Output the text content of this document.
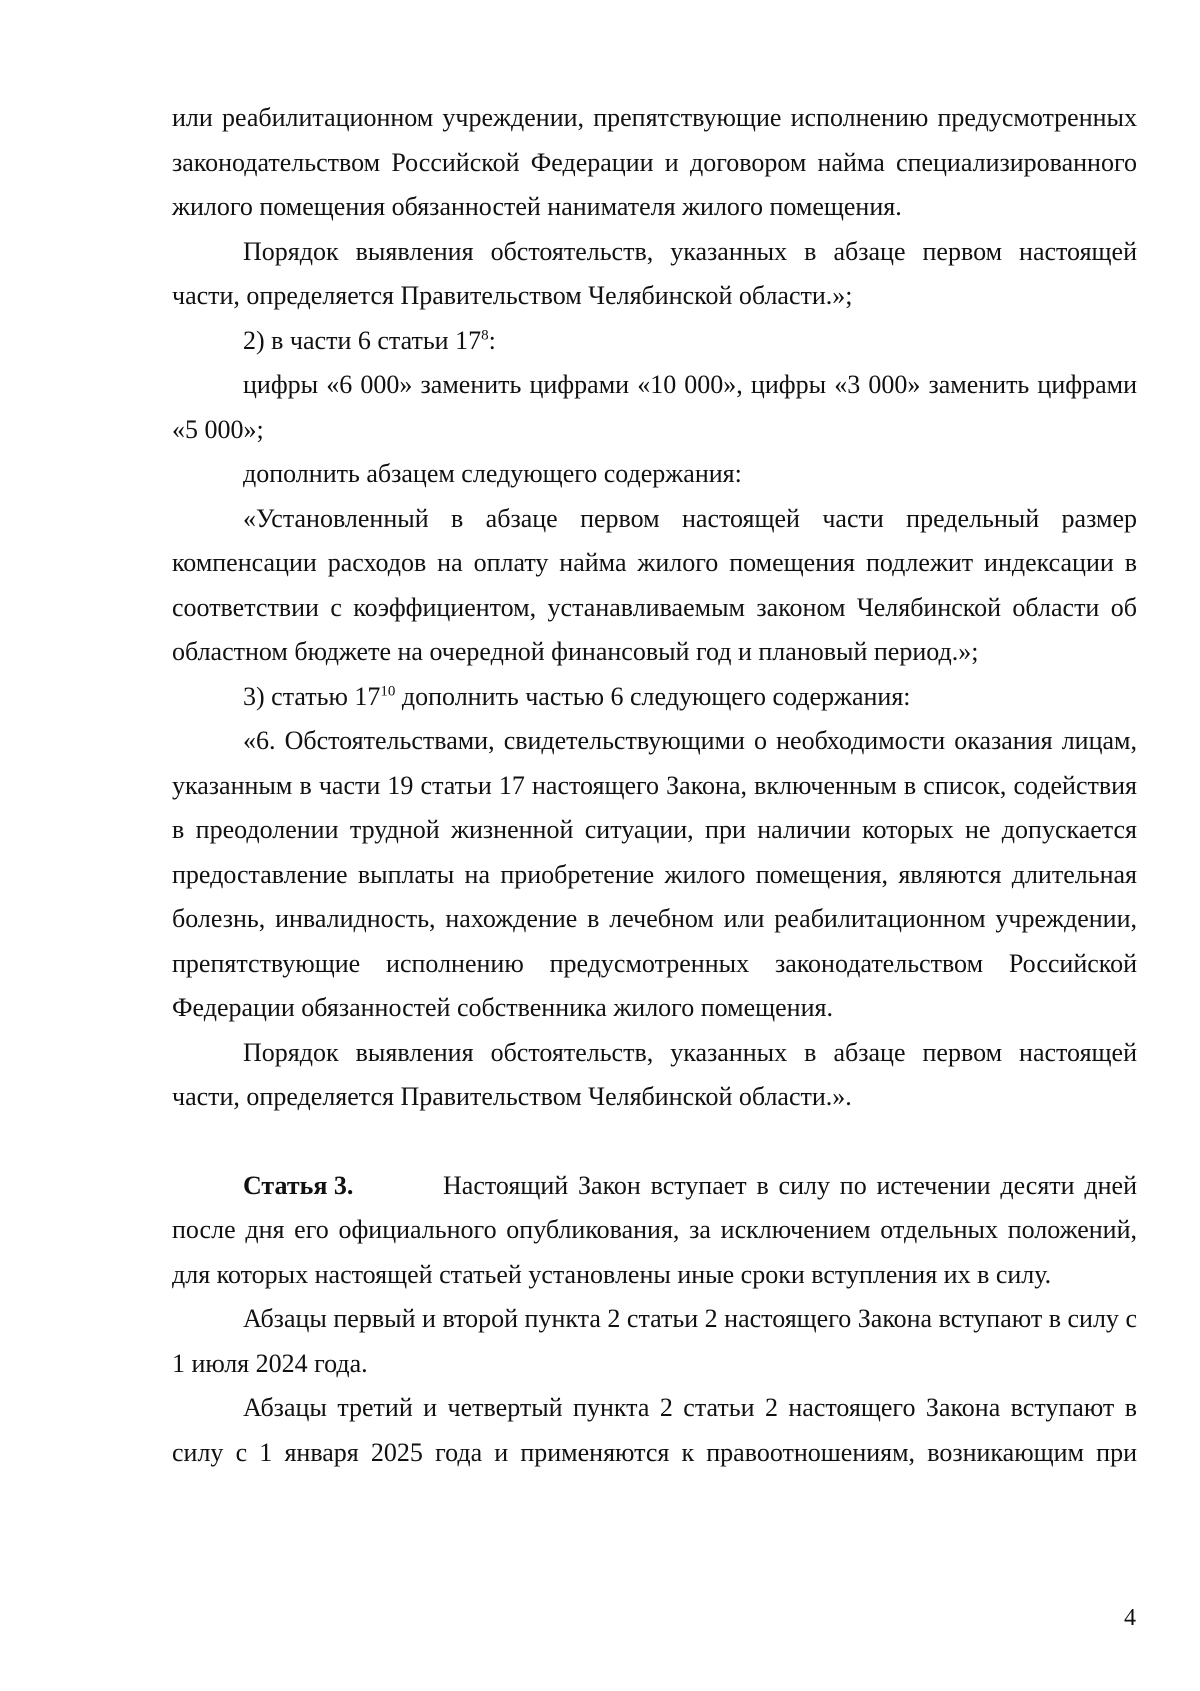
или реабилитационном учреждении, препятствующие исполнению предусмотренных законодательством Российской Федерации и договором найма специализированного жилого помещения обязанностей нанимателя жилого помещения.

Порядок выявления обстоятельств, указанных в абзаце первом настоящей части, определяется Правительством Челябинской области.»;

2) в части 6 статьи $17^8$:

цифры «6 000» заменить цифрами «10 000», цифры «3 000» заменить цифрами «5 000»;

дополнить абзацем следующего содержания:

«Установленный в абзаце первом настоящей части предельный размер компенсации расходов на оплату найма жилого помещения подлежит индексации в соответствии с коэффициентом, устанавливаемым законом Челябинской области об областном бюджете на очередной финансовый год и плановый период.»;

3) статью $17^{10}$ дополнить частью 6 следующего содержания:

«6. Обстоятельствами, свидетельствующими о необходимости оказания лицам, указанным в части 19 статьи 17 настоящего Закона, включенным в список, содействия в преодолении трудной жизненной ситуации, при наличии которых не допускается предоставление выплаты на приобретение жилого помещения, являются длительная болезнь, инвалидность, нахождение в лечебном или реабилитационном учреждении, препятствующие исполнению предусмотренных законодательством Российской Федерации обязанностей собственника жилого помещения.

Порядок выявления обстоятельств, указанных в абзаце первом настоящей части, определяется Правительством Челябинской области.».

Статья 3.	Настоящий Закон вступает в силу по истечении десяти дней после дня его официального опубликования, за исключением отдельных положений, для которых настоящей статьей установлены иные сроки вступления их в силу.

Абзацы первый и второй пункта 2 статьи 2 настоящего Закона вступают в силу с 1 июля 2024 года.

Абзацы третий и четвертый пункта 2 статьи 2 настоящего Закона вступают в силу с 1 января 2025 года и применяются к правоотношениям, возникающим при

4
